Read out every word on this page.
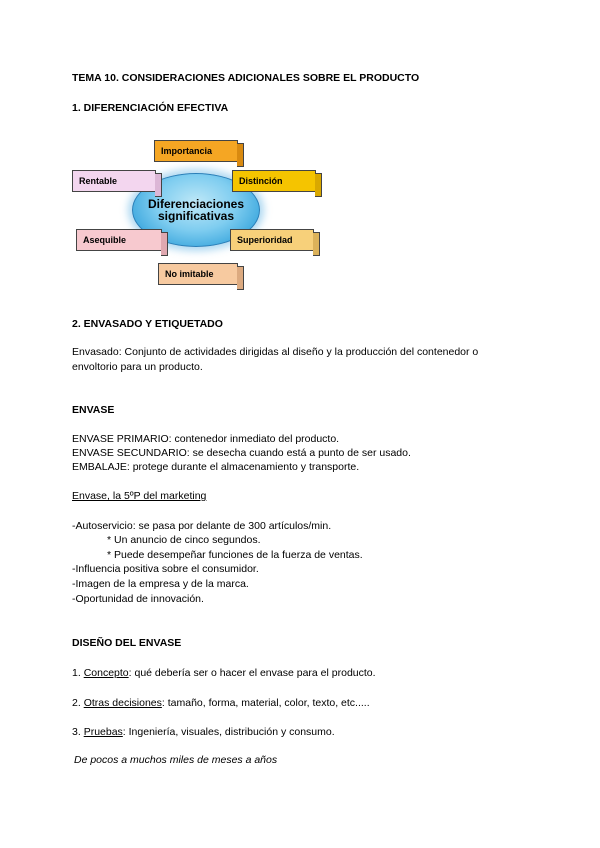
TEMA 10. CONSIDERACIONES ADICIONALES SOBRE EL PRODUCTO
1. DIFERENCIACIÓN EFECTIVA
Diferenciaciones
significativas
Importancia
Rentable	Distinción
Asequible	Superioridad
No imitable
2. ENVASADO Y ETIQUETADO
Envasado: Conjunto de actividades dirigidas al diseño y la producción del contenedor o
envoltorio para un producto.
ENVASE
ENVASE PRIMARIO: contenedor inmediato del producto.
ENVASE SECUNDARIO: se desecha cuando está a punto de ser usado.
EMBALAJE: protege durante el almacenamiento y transporte.
Envase, la 5ºP del marketing
-Autoservicio: se pasa por delante de 300 artículos/min.
* Un anuncio de cinco segundos.
* Puede desempeñar funciones de la fuerza de ventas.
-Influencia positiva sobre el consumidor.
-Imagen de la empresa y de la marca.
-Oportunidad de innovación.
DISEÑO DEL ENVASE
1. Concepto: qué debería ser o hacer el envase para el producto.
2. Otras decisiones: tamaño, forma, material, color, texto, etc.....
3. Pruebas: Ingeniería, visuales, distribución y consumo.
De pocos a muchos miles de meses a años
